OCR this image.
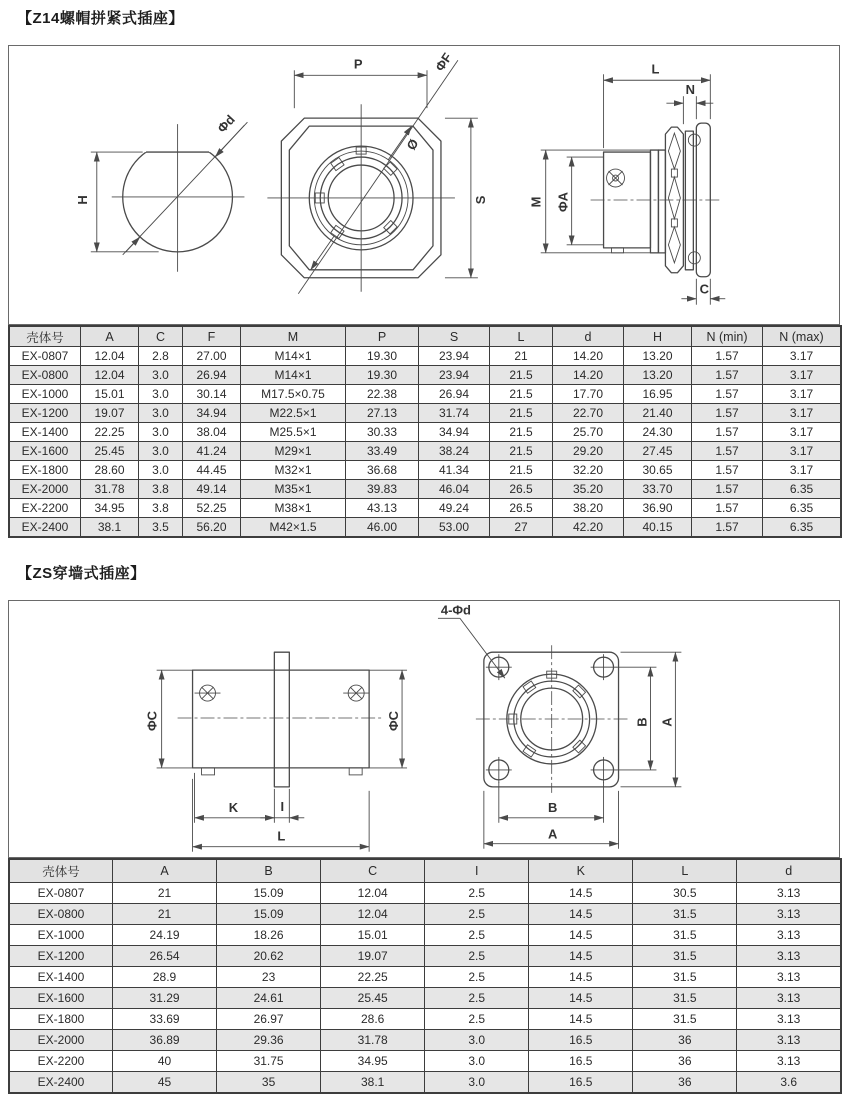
【Z14螺帽拼紧式插座】
H
Φd
P	ΦF
Ø
S
L
N
M ΦA
C
壳体号	A	C	F	M	P	S	L	d	H	N (min)	N (max)
EX-0807	12.04	2.8	27.00	M14×1	19.30	23.94	21	14.20	13.20	1.57	3.17
EX-0800	12.04	3.0	26.94	M14×1	19.30	23.94	21.5	14.20	13.20	1.57	3.17
EX-1000	15.01	3.0	30.14	M17.5×0.75	22.38	26.94	21.5	17.70	16.95	1.57	3.17
EX-1200	19.07	3.0	34.94	M22.5×1	27.13	31.74	21.5	22.70	21.40	1.57	3.17
EX-1400	22.25	3.0	38.04	M25.5×1	30.33	34.94	21.5	25.70	24.30	1.57	3.17
EX-1600	25.45	3.0	41.24	M29×1	33.49	38.24	21.5	29.20	27.45	1.57	3.17
EX-1800	28.60	3.0	44.45	M32×1	36.68	41.34	21.5	32.20	30.65	1.57	3.17
EX-2000	31.78	3.8	49.14	M35×1	39.83	46.04	26.5	35.20	33.70	1.57	6.35
EX-2200	34.95	3.8	52.25	M38×1	43.13	49.24	26.5	38.20	36.90	1.57	6.35
EX-2400	38.1	3.5	56.20	M42×1.5	46.00	53.00	27	42.20	40.15	1.57	6.35
【ZS穿墙式插座】
ΦC	ΦC
K	I
L
4-Φd
B A
B
A
壳体号	A	B	C	I	K	L	d
EX-0807	21	15.09	12.04	2.5	14.5	30.5	3.13
EX-0800	21	15.09	12.04	2.5	14.5	31.5	3.13
EX-1000	24.19	18.26	15.01	2.5	14.5	31.5	3.13
EX-1200	26.54	20.62	19.07	2.5	14.5	31.5	3.13
EX-1400	28.9	23	22.25	2.5	14.5	31.5	3.13
EX-1600	31.29	24.61	25.45	2.5	14.5	31.5	3.13
EX-1800	33.69	26.97	28.6	2.5	14.5	31.5	3.13
EX-2000	36.89	29.36	31.78	3.0	16.5	36	3.13
EX-2200	40	31.75	34.95	3.0	16.5	36	3.13
EX-2400	45	35	38.1	3.0	16.5	36	3.6
